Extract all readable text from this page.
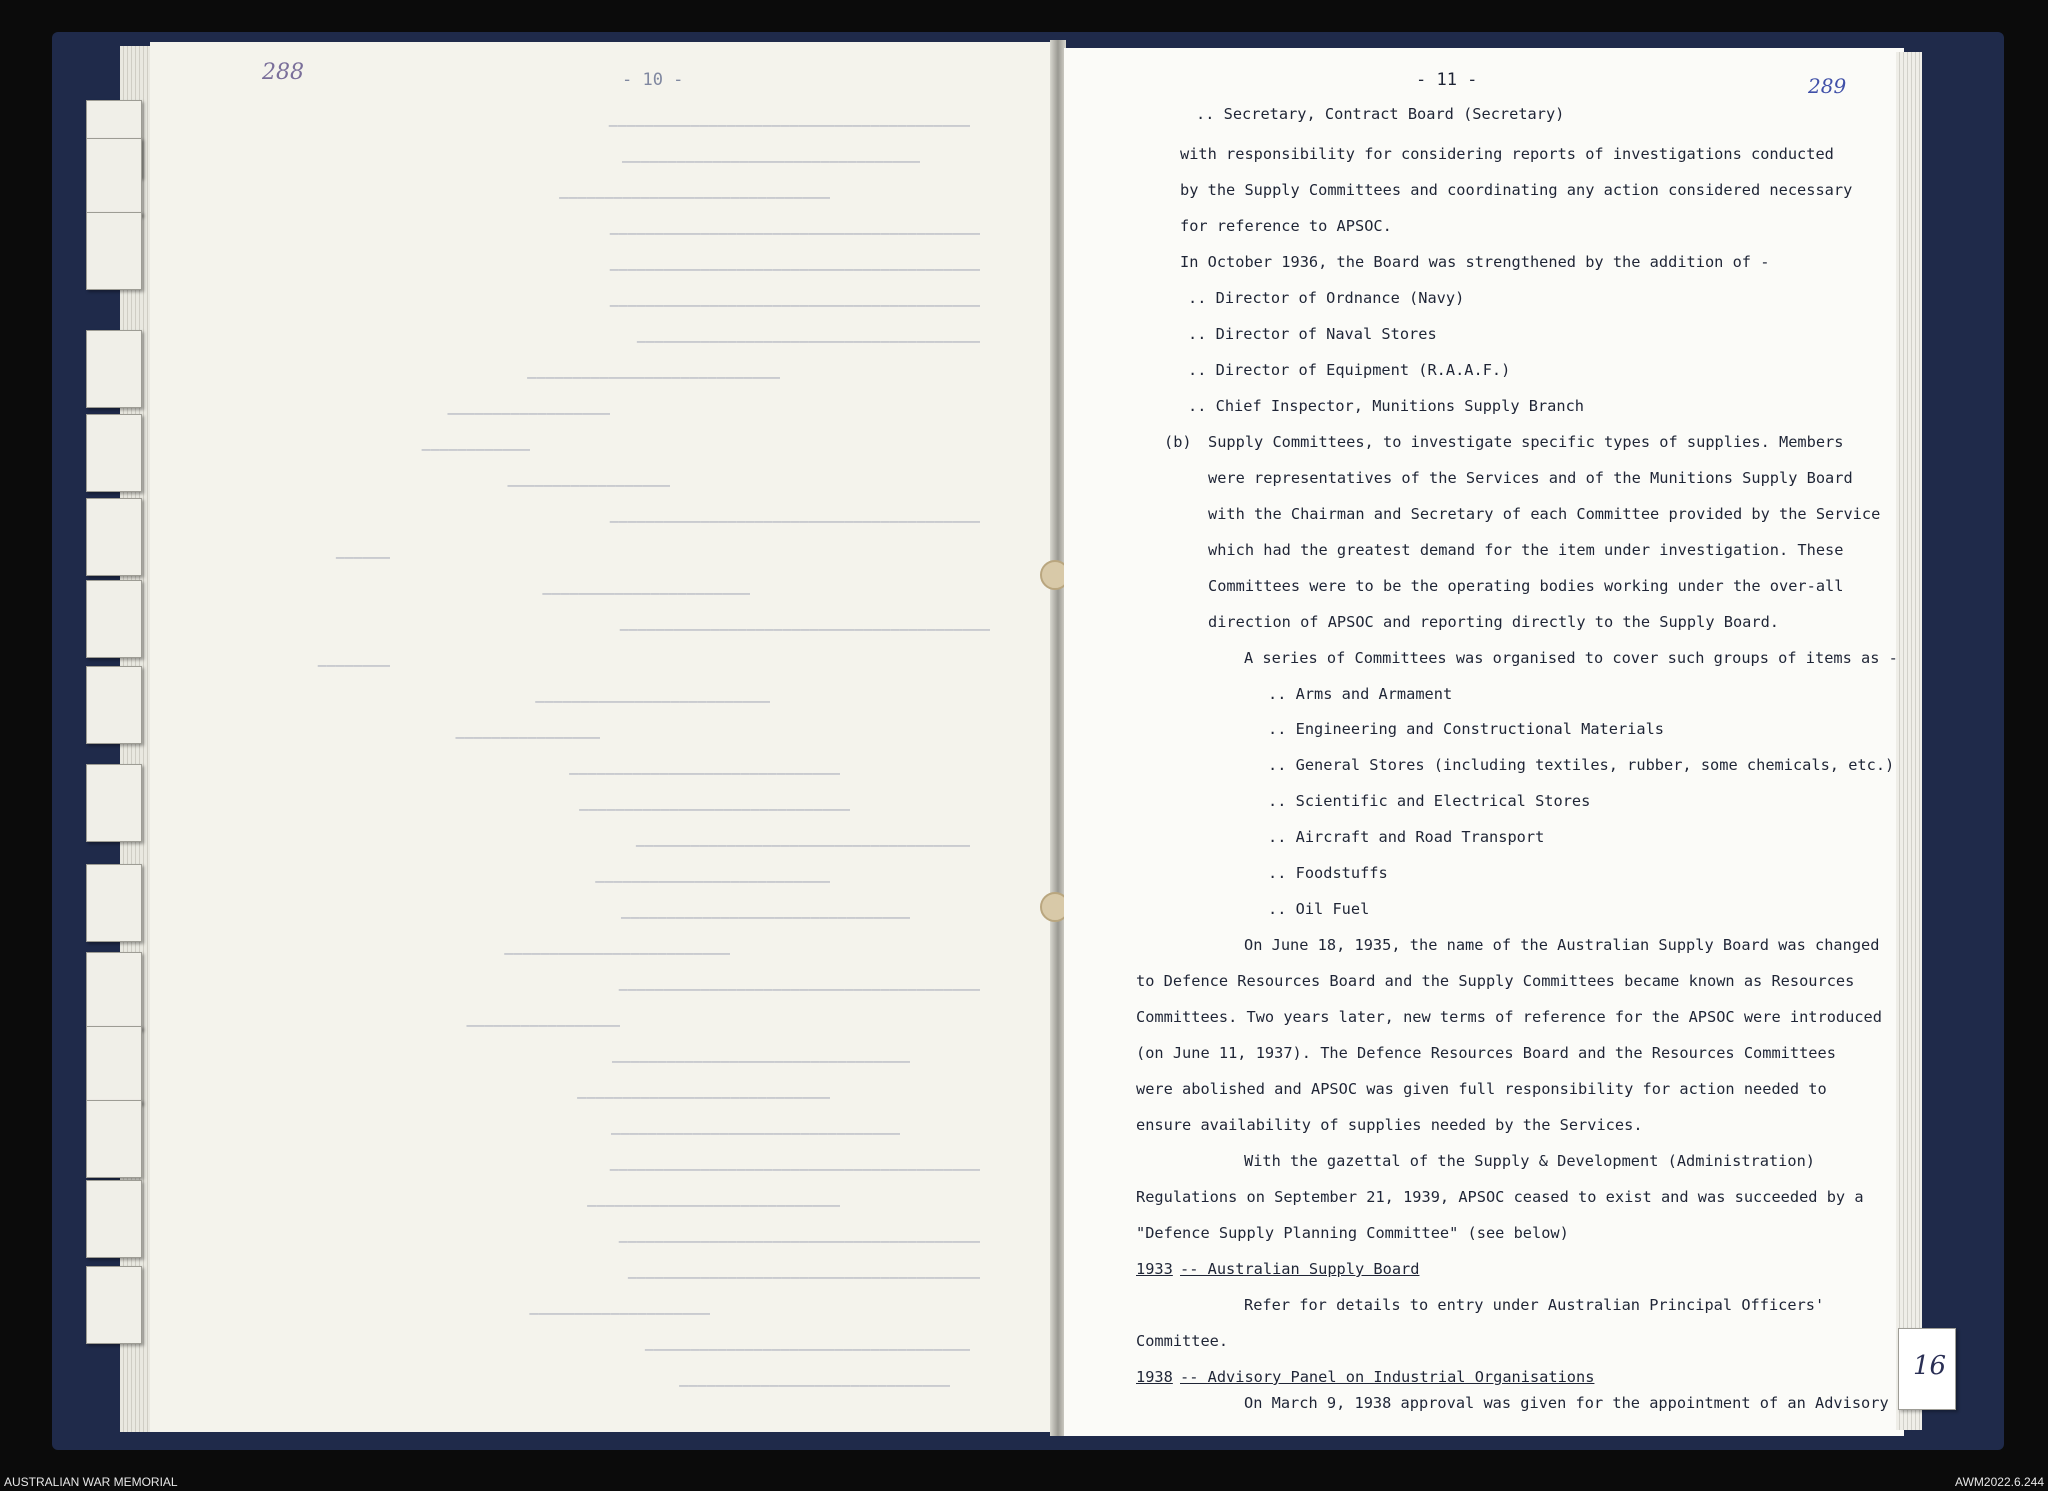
————————————————————————————————————————
—————————————————————————————————
——————————————————————————————
—————————————————————————————————————————
—————————————————————————————————————————
—————————————————————————————————————————
——————————————————————————————————————
————————————————————————————
——————————————————
————————————
——————————————————
—————————————————————————————————————————
——————
———————————————————————
—————————————————————————————————————————
————————
——————————————————————————
————————————————
——————————————————————————————
——————————————————————————————
—————————————————————————————————————
——————————————————————————
————————————————————————————————
—————————————————————————
————————————————————————————————————————
—————————————————
—————————————————————————————————
————————————————————————————
————————————————————————————————
—————————————————————————————————————————
————————————————————————————
————————————————————————————————————————
———————————————————————————————————————
————————————————————
————————————————————————————————————
——————————————————————————————
- 10 -
288	- 11 -	289
.. Secretary, Contract Board (Secretary)
with responsibility for considering reports of investigations conducted
by the Supply Committees and coordinating any action considered necessary
for reference to APSOC.
In October 1936, the Board was strengthened by the addition of -
.. Director of Ordnance (Navy)
.. Director of Naval Stores
.. Director of Equipment (R.A.A.F.)
.. Chief Inspector, Munitions Supply Branch
(b) Supply Committees, to investigate specific types of supplies. Members
were representatives of the Services and of the Munitions Supply Board
with the Chairman and Secretary of each Committee provided by the Service
which had the greatest demand for the item under investigation. These
Committees were to be the operating bodies working under the over-all
direction of APSOC and reporting directly to the Supply Board.
A series of Committees was organised to cover such groups of items as -
.. Arms and Armament
.. Engineering and Constructional Materials
.. General Stores (including textiles, rubber, some chemicals, etc.)
.. Scientific and Electrical Stores
.. Aircraft and Road Transport
.. Foodstuffs
.. Oil Fuel
On June 18, 1935, the name of the Australian Supply Board was changed
to Defence Resources Board and the Supply Committees became known as Resources
Committees. Two years later, new terms of reference for the APSOC were introduced
(on June 11, 1937). The Defence Resources Board and the Resources Committees
were abolished and APSOC was given full responsibility for action needed to
ensure availability of supplies needed by the Services.
With the gazettal of the Supply & Development (Administration)
Regulations on September 21, 1939, APSOC ceased to exist and was succeeded by a
"Defence Supply Planning Committee" (see below)
1933 -- Australian Supply Board
Refer for details to entry under Australian Principal Officers'
Committee.
1938 -- Advisory Panel on Industrial Organisations
On March 9, 1938 approval was given for the appointment of an Advisory
16
AUSTRALIAN WAR MEMORIAL	AWM2022.6.244
